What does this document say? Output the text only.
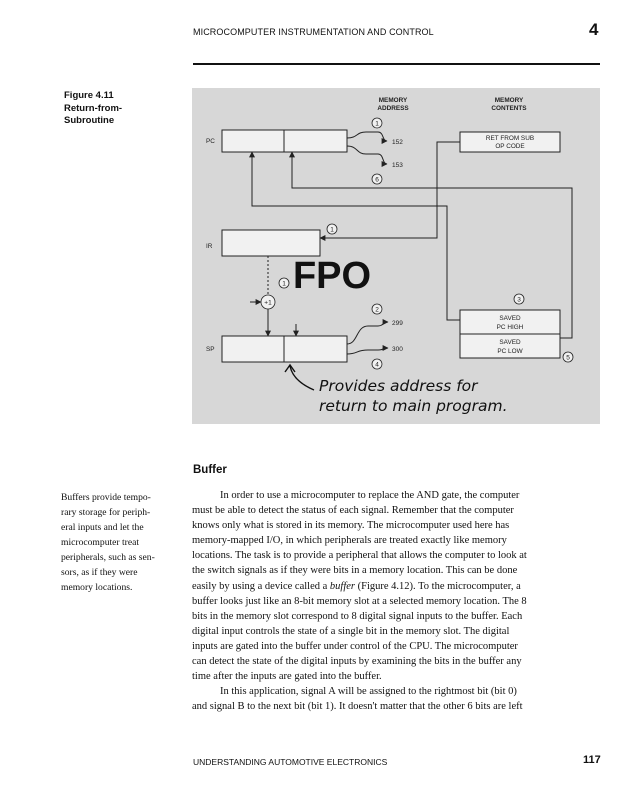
MICROCOMPUTER INSTRUMENTATION AND CONTROL	4
Figure 4.11
Return-from-
Subroutine
MEMORY
ADDRESS
MEMORY
CONTENTS
PC
1
152
153
6
RET FROM SUB
OP CODE
1
IR
FPO
1
+1
SP
2
299
300
4
3
SAVED
PC HIGH
SAVED
PC LOW
5
Provides address for
return to main program.
Buffer
Buffers provide tempo-
rary storage for periph-
eral inputs and let the
microcomputer treat
peripherals, such as sen-
sors, as if they were
memory locations.
In order to use a microcomputer to replace the AND gate, the computer
must be able to detect the status of each signal. Remember that the computer
knows only what is stored in its memory. The microcomputer used here has
memory-mapped I/O, in which peripherals are treated exactly like memory
locations. The task is to provide a peripheral that allows the computer to look at
the switch signals as if they were bits in a memory location. This can be done
easily by using a device called a buffer (Figure 4.12). To the microcomputer, a
buffer looks just like an 8-bit memory slot at a selected memory location. The 8
bits in the memory slot correspond to 8 digital signal inputs to the buffer. Each
digital input controls the state of a single bit in the memory slot. The digital
inputs are gated into the buffer under control of the CPU. The microcomputer
can detect the state of the digital inputs by examining the bits in the buffer any
time after the inputs are gated into the buffer.
In this application, signal A will be assigned to the rightmost bit (bit 0)
and signal B to the next bit (bit 1). It doesn't matter that the other 6 bits are left
UNDERSTANDING AUTOMOTIVE ELECTRONICS	117
